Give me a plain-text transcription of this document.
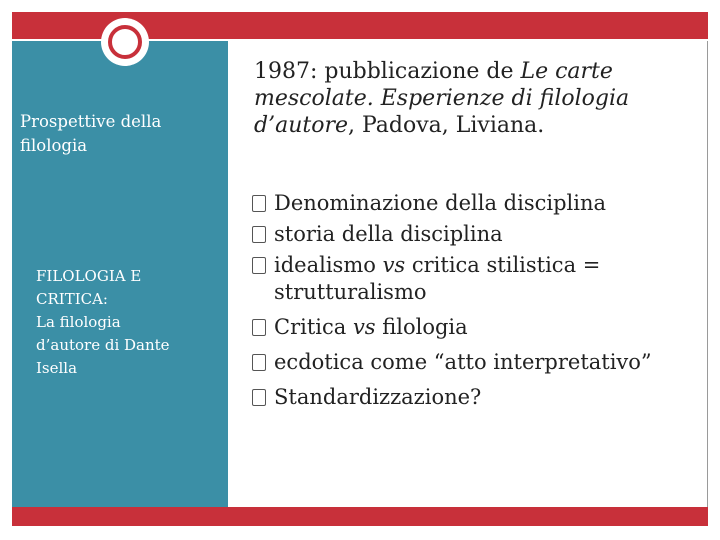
Prospettive della filologia
FILOLOGIA E
CRITICA:
La filologia
d’autore di Dante
Isella
1987: pubblicazione de Le carte mescolate. Esperienze di filologia d’autore, Padova, Liviana.
Denominazione della disciplina
storia della disciplina
idealismo vs critica stilistica = strutturalismo
Critica vs filologia
ecdotica come “atto interpretativo”
Standardizzazione?
